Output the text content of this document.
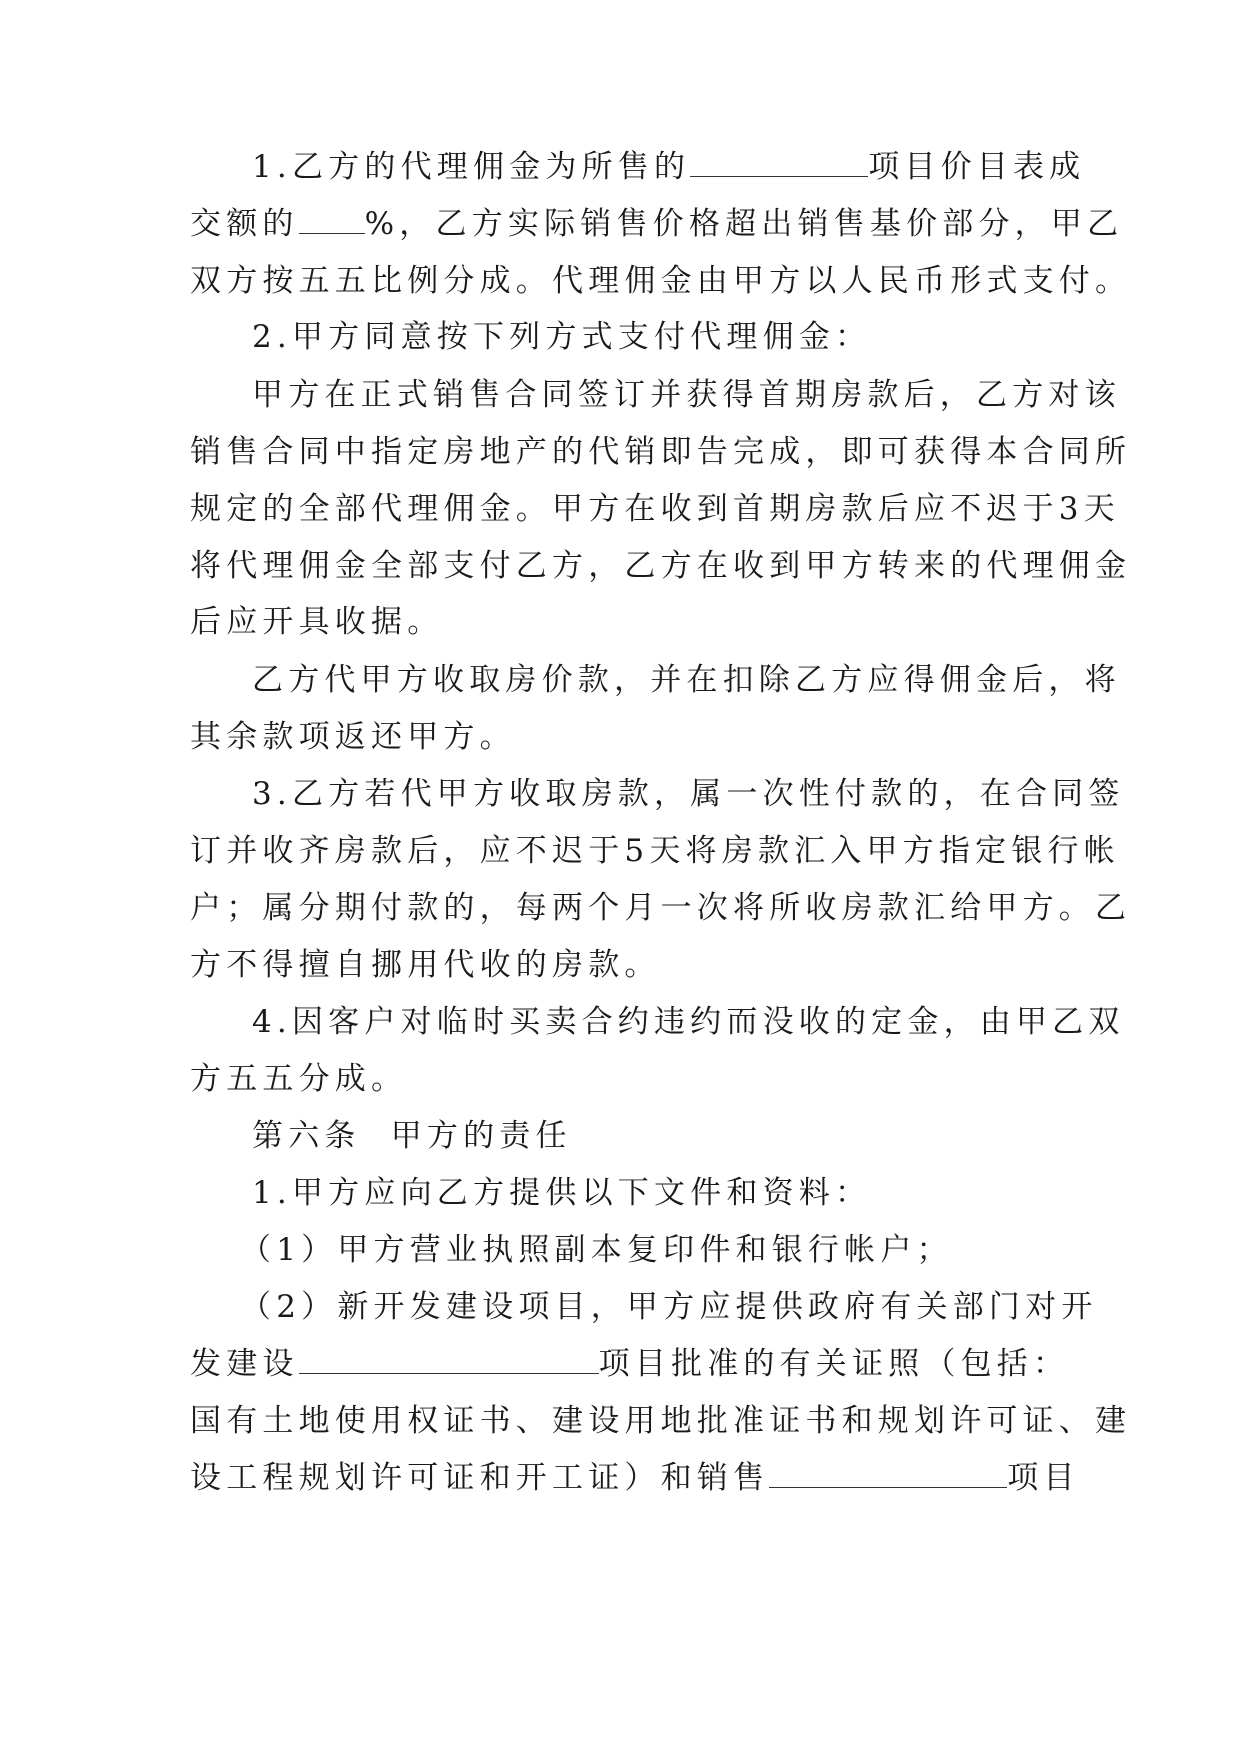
1.乙方的代理佣金为所售的	项目价目表成
交额的 %，乙方实际销售价格超出销售基价部分，甲乙
双方按五五比例分成。代理佣金由甲方以人民币形式支付。
2.甲方同意按下列方式支付代理佣金：
甲方在正式销售合同签订并获得首期房款后，乙方对该
销售合同中指定房地产的代销即告完成，即可获得本合同所
规定的全部代理佣金。甲方在收到首期房款后应不迟于3天
将代理佣金全部支付乙方，乙方在收到甲方转来的代理佣金
后应开具收据。
乙方代甲方收取房价款，并在扣除乙方应得佣金后，将
其余款项返还甲方。
3.乙方若代甲方收取房款，属一次性付款的，在合同签
订并收齐房款后，应不迟于5天将房款汇入甲方指定银行帐
户；属分期付款的，每两个月一次将所收房款汇给甲方。乙
方不得擅自挪用代收的房款。
4.因客户对临时买卖合约违约而没收的定金，由甲乙双
方五五分成。
第六条  甲方的责任
1.甲方应向乙方提供以下文件和资料：
（1）甲方营业执照副本复印件和银行帐户；
（2）新开发建设项目，甲方应提供政府有关部门对开
发建设	项目批准的有关证照（包括：
国有土地使用权证书、建设用地批准证书和规划许可证、建
设工程规划许可证和开工证）和销售	项目
